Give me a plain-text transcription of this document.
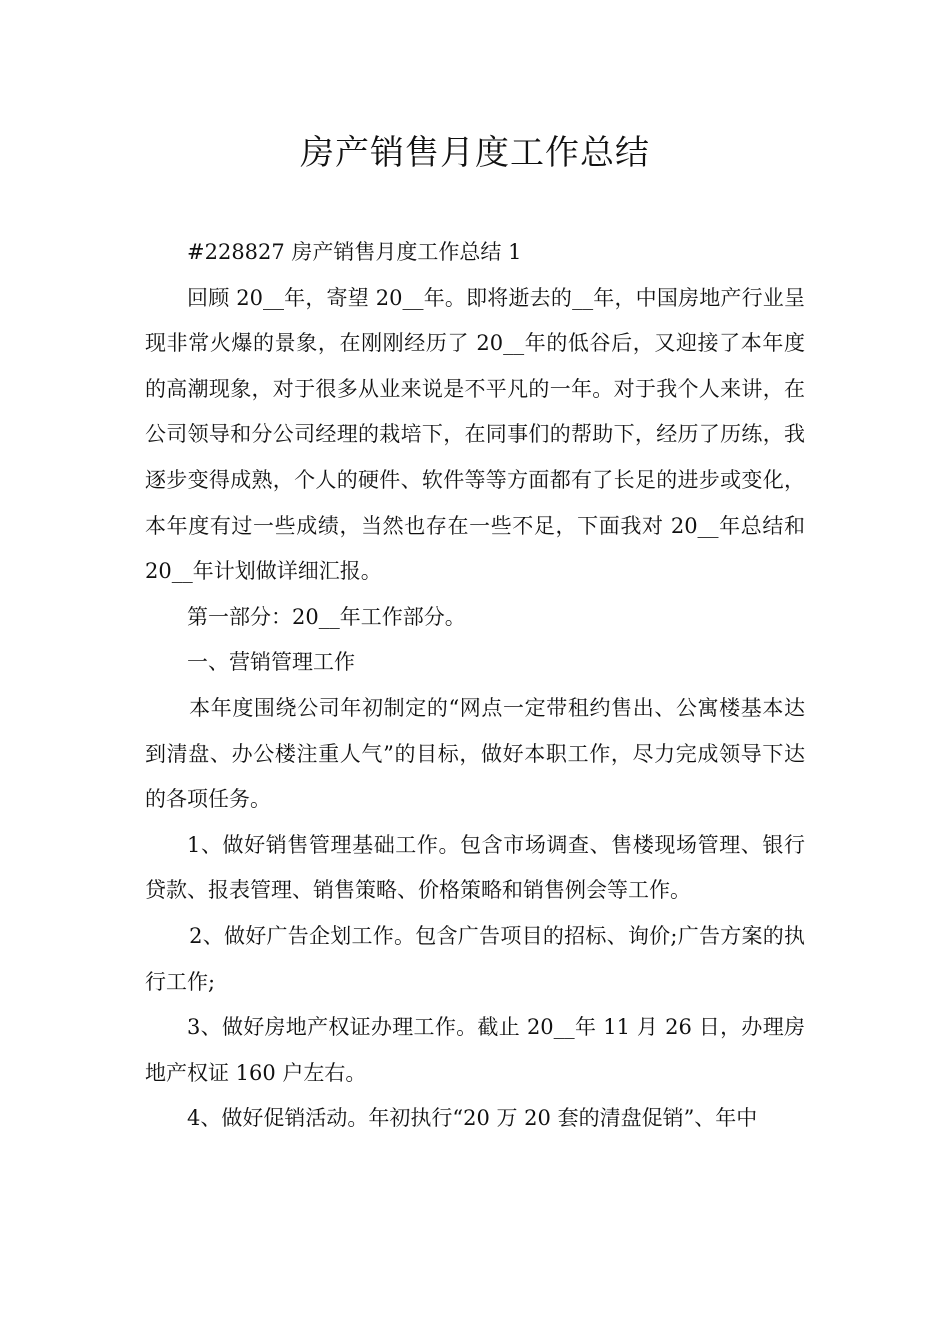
房产销售月度工作总结

#228827 房产销售月度工作总结 1

回顾 20__年，寄望 20__年。即将逝去的__年，中国房地产行业呈现非常火爆的景象，在刚刚经历了 20__年的低谷后，又迎接了本年度的高潮现象，对于很多从业来说是不平凡的一年。对于我个人来讲，在公司领导和分公司经理的栽培下，在同事们的帮助下，经历了历练，我逐步变得成熟，个人的硬件、软件等等方面都有了长足的进步或变化，本年度有过一些成绩，当然也存在一些不足，下面我对 20__年总结和 20__年计划做详细汇报。

第一部分：20__年工作部分。

一、营销管理工作

本年度围绕公司年初制定的“网点一定带租约售出、公寓楼基本达到清盘、办公楼注重人气”的目标，做好本职工作，尽力完成领导下达的各项任务。

1、做好销售管理基础工作。包含市场调查、售楼现场管理、银行贷款、报表管理、销售策略、价格策略和销售例会等工作。

2、做好广告企划工作。包含广告项目的招标、询价;广告方案的执行工作;

3、做好房地产权证办理工作。截止 20__年 11 月 26 日，办理房地产权证 160 户左右。

4、做好促销活动。年初执行“20 万 20 套的清盘促销”、年中
